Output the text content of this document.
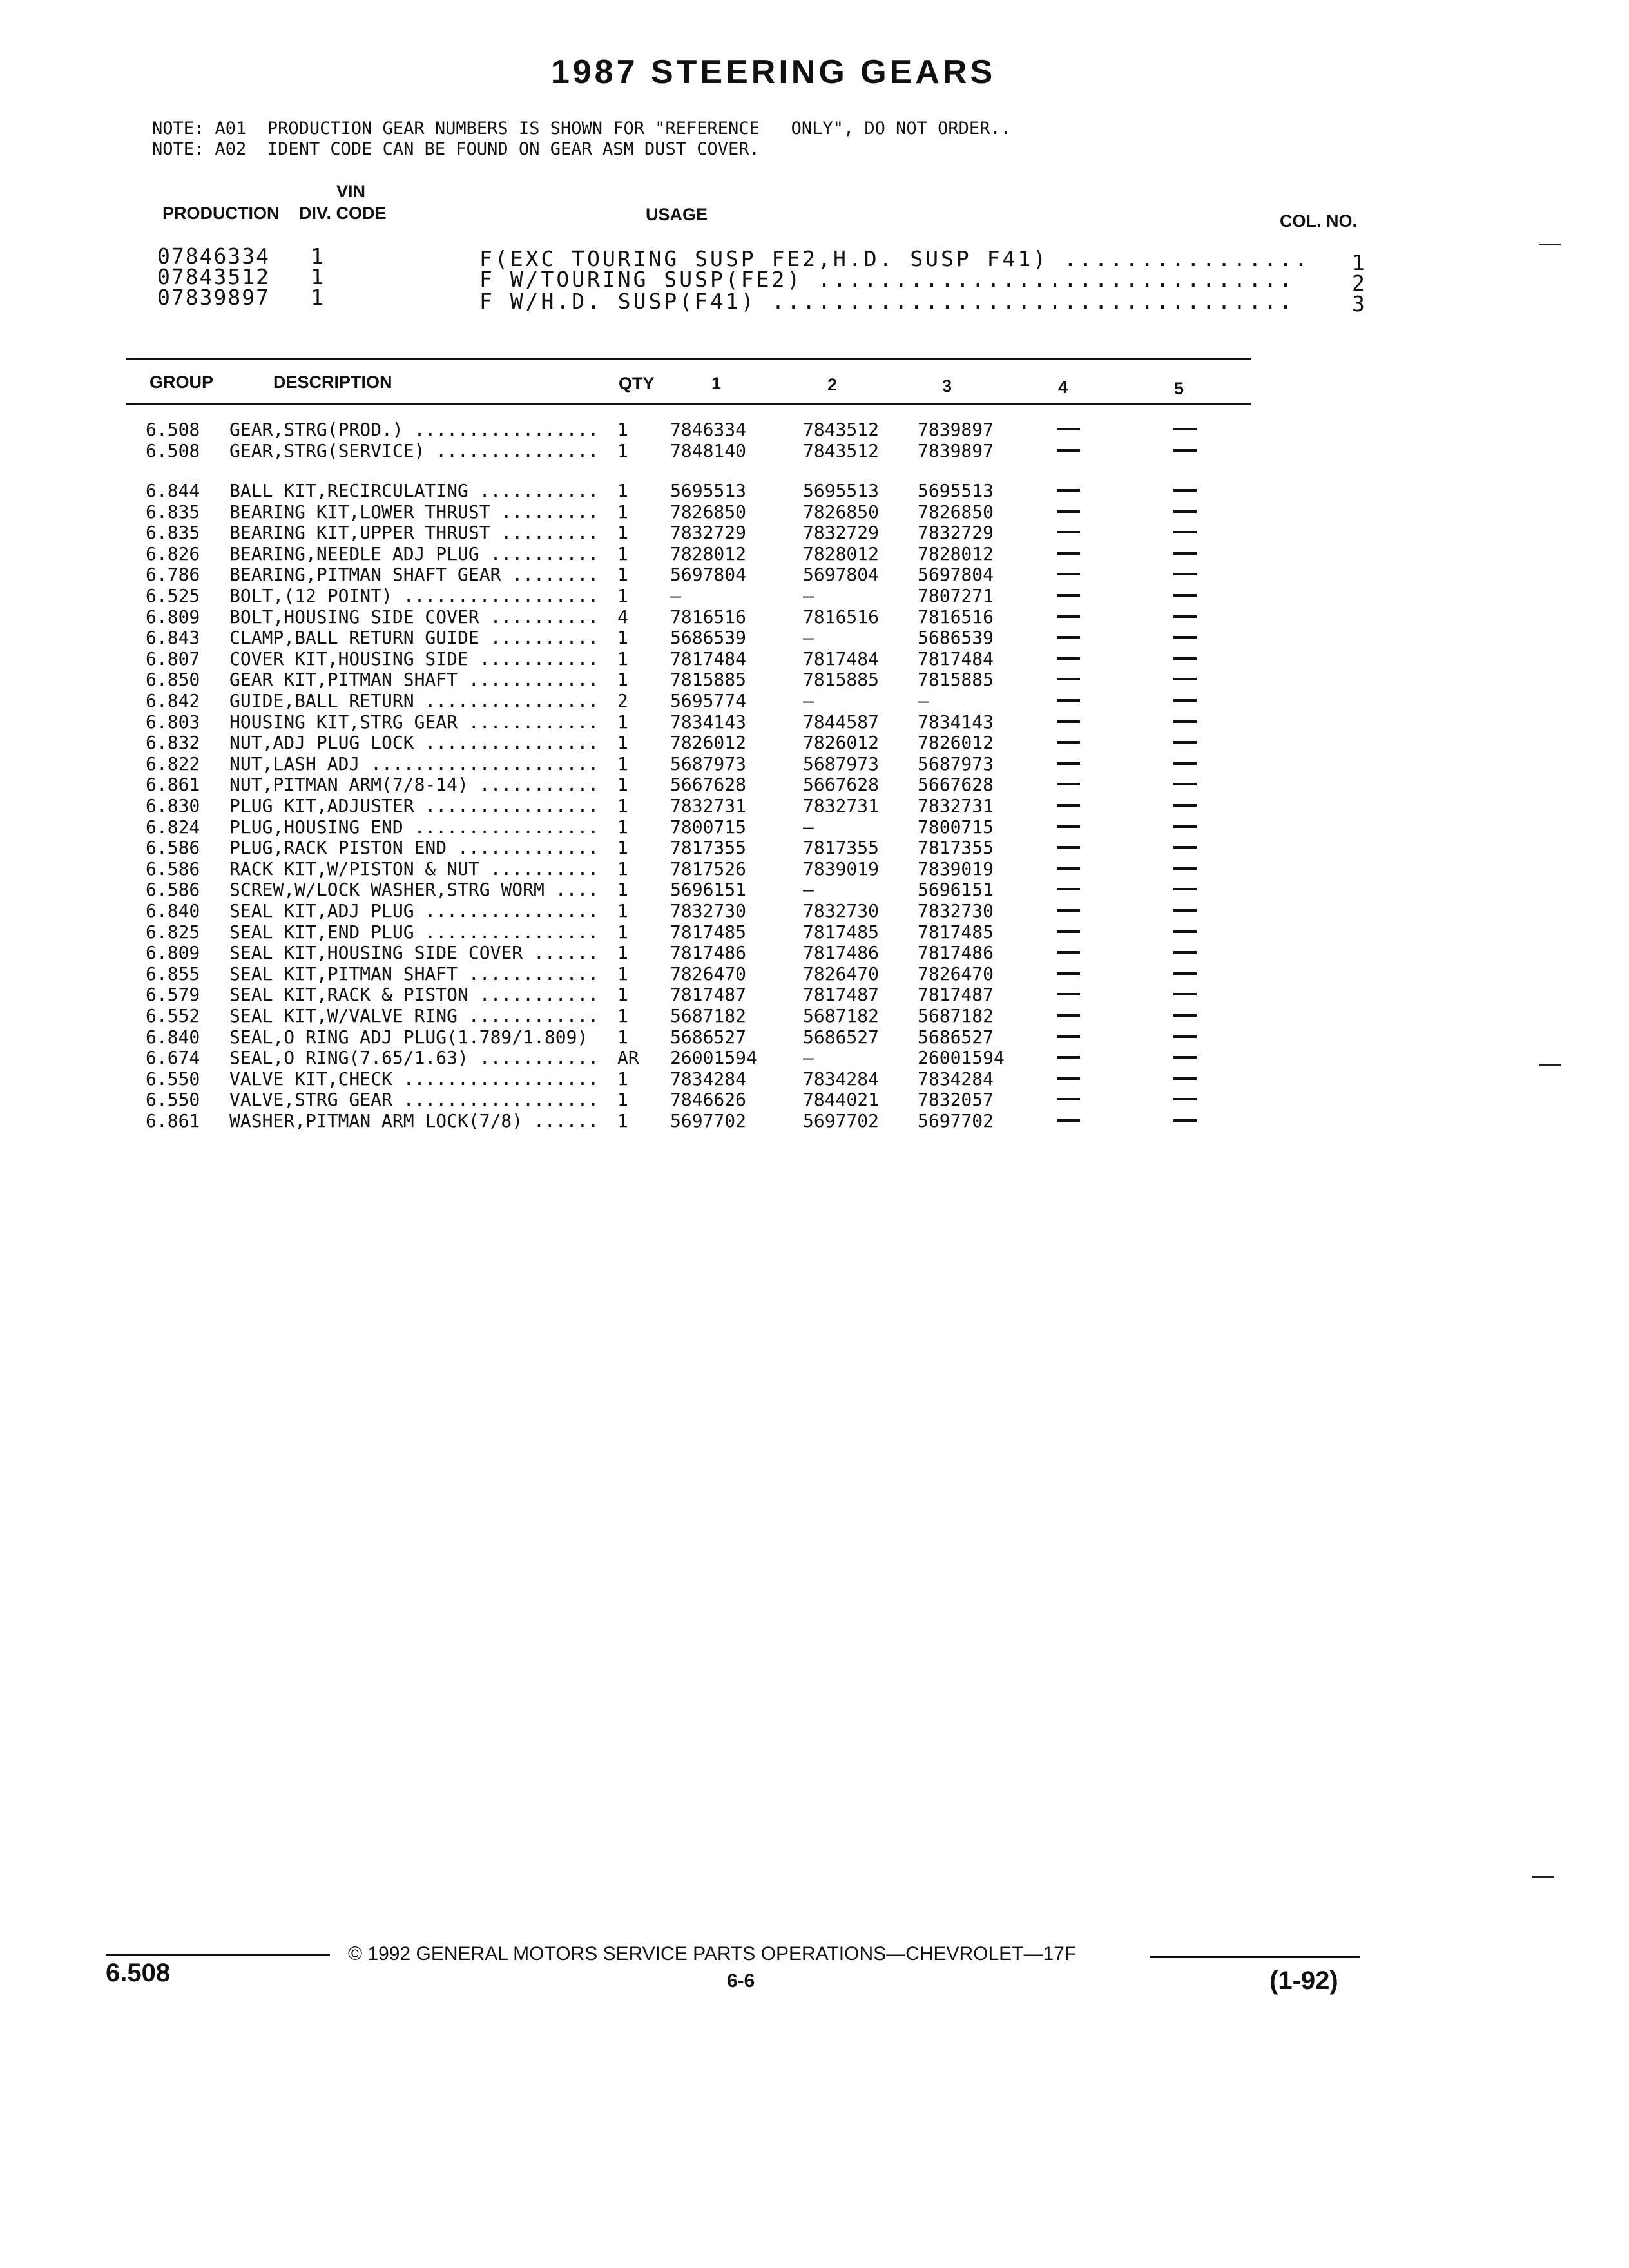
1987 STEERING GEARS
NOTE: A01  PRODUCTION GEAR NUMBERS IS SHOWN FOR "REFERENCE   ONLY", DO NOT ORDER..
NOTE: A02  IDENT CODE CAN BE FOUND ON GEAR ASM DUST COVER.
VIN
PRODUCTION DIV. CODE	USAGE	COL. NO.
07846334 1	F(EXC TOURING SUSP FE2,H.D. SUSP F41) ................ 1
07843512 1	F W/TOURING SUSP(FE2) ...............................	2
07839897 1	F W/H.D. SUSP(F41) ..................................	3
GROUP	DESCRIPTION	QTY	1	2	3	4	5
6.508 GEAR,STRG(PROD.) ................. 1 7846334	7843512 7839897
6.508 GEAR,STRG(SERVICE) ............... 1 7848140	7843512 7839897
6.844 BALL KIT,RECIRCULATING ........... 1 5695513	5695513 5695513
6.835 BEARING KIT,LOWER THRUST ......... 1 7826850	7826850 7826850
6.835 BEARING KIT,UPPER THRUST ......... 1 7832729	7832729 7832729
6.826 BEARING,NEEDLE ADJ PLUG .......... 1 7828012	7828012 7828012
6.786 BEARING,PITMAN SHAFT GEAR ........ 1 5697804	5697804 5697804
6.525 BOLT,(12 POINT) .................. 1 —	—	7807271
6.809 BOLT,HOUSING SIDE COVER .......... 4 7816516	7816516 7816516
6.843 CLAMP,BALL RETURN GUIDE .......... 1 5686539	—	5686539
6.807 COVER KIT,HOUSING SIDE ........... 1 7817484	7817484 7817484
6.850 GEAR KIT,PITMAN SHAFT ............ 1 7815885	7815885 7815885
6.842 GUIDE,BALL RETURN ................ 2 5695774	—	—
6.803 HOUSING KIT,STRG GEAR ............ 1 7834143	7844587 7834143
6.832 NUT,ADJ PLUG LOCK ................ 1 7826012	7826012 7826012
6.822 NUT,LASH ADJ ..................... 1 5687973	5687973 5687973
6.861 NUT,PITMAN ARM(7/8-14) ........... 1 5667628	5667628 5667628
6.830 PLUG KIT,ADJUSTER ................ 1 7832731	7832731 7832731
6.824 PLUG,HOUSING END ................. 1 7800715	—	7800715
6.586 PLUG,RACK PISTON END ............. 1 7817355	7817355 7817355
6.586 RACK KIT,W/PISTON & NUT .......... 1 7817526	7839019 7839019
6.586 SCREW,W/LOCK WASHER,STRG WORM .... 1 5696151	—	5696151
6.840 SEAL KIT,ADJ PLUG ................ 1 7832730	7832730 7832730
6.825 SEAL KIT,END PLUG ................ 1 7817485	7817485 7817485
6.809 SEAL KIT,HOUSING SIDE COVER ...... 1 7817486	7817486 7817486
6.855 SEAL KIT,PITMAN SHAFT ............ 1 7826470	7826470 7826470
6.579 SEAL KIT,RACK & PISTON ........... 1 7817487	7817487 7817487
6.552 SEAL KIT,W/VALVE RING ............ 1 5687182	5687182 5687182
6.840 SEAL,O RING ADJ PLUG(1.789/1.809) 1 5686527	5686527 5686527
6.674 SEAL,O RING(7.65/1.63) ........... AR 26001594	—	26001594
6.550 VALVE KIT,CHECK .................. 1 7834284	7834284 7834284
6.550 VALVE,STRG GEAR .................. 1 7846626	7844021 7832057
6.861 WASHER,PITMAN ARM LOCK(7/8) ...... 1 5697702	5697702 5697702
© 1992 GENERAL MOTORS SERVICE PARTS OPERATIONS—CHEVROLET—17F
6.508	6-6	(1-92)
